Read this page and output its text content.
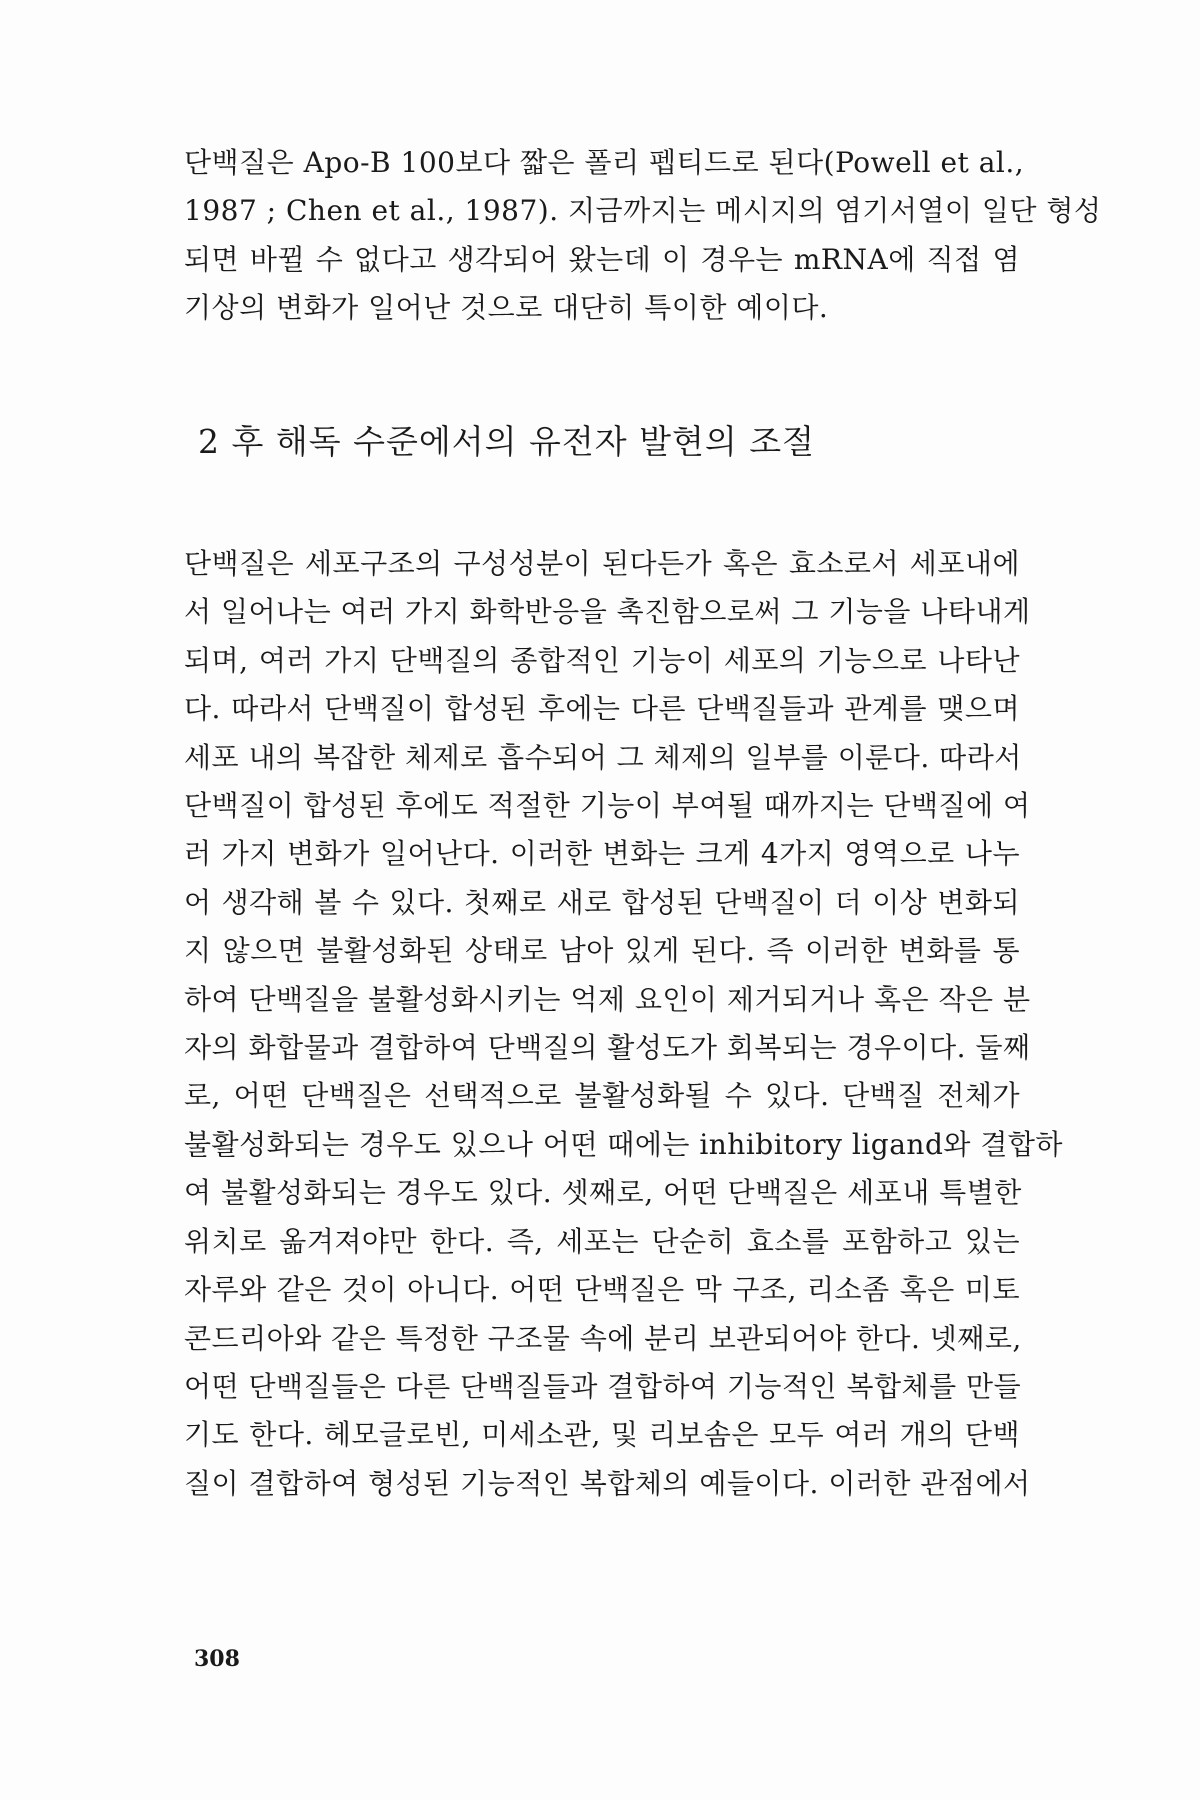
단백질은 Apo-B 100보다 짧은 폴리 펩티드로 된다(Powell et al.,
1987 ; Chen et al., 1987). 지금까지는 메시지의 염기서열이 일단 형성
되면 바뀔 수 없다고 생각되어 왔는데 이 경우는 mRNA에 직접 염
기상의 변화가 일어난 것으로 대단히 특이한 예이다.
2 후 해독 수준에서의 유전자 발현의 조절
단백질은 세포구조의 구성성분이 된다든가 혹은 효소로서 세포내에
서 일어나는 여러 가지 화학반응을 촉진함으로써 그 기능을 나타내게
되며, 여러 가지 단백질의 종합적인 기능이 세포의 기능으로 나타난
다. 따라서 단백질이 합성된 후에는 다른 단백질들과 관계를 맺으며
세포 내의 복잡한 체제로 흡수되어 그 체제의 일부를 이룬다. 따라서
단백질이 합성된 후에도 적절한 기능이 부여될 때까지는 단백질에 여
러 가지 변화가 일어난다. 이러한 변화는 크게 4가지 영역으로 나누
어 생각해 볼 수 있다. 첫째로 새로 합성된 단백질이 더 이상 변화되
지 않으면 불활성화된 상태로 남아 있게 된다. 즉 이러한 변화를 통
하여 단백질을 불활성화시키는 억제 요인이 제거되거나 혹은 작은 분
자의 화합물과 결합하여 단백질의 활성도가 회복되는 경우이다. 둘째
로, 어떤 단백질은 선택적으로 불활성화될 수 있다. 단백질 전체가
불활성화되는 경우도 있으나 어떤 때에는 inhibitory ligand와 결합하
여 불활성화되는 경우도 있다. 셋째로, 어떤 단백질은 세포내 특별한
위치로 옮겨져야만 한다. 즉, 세포는 단순히 효소를 포함하고 있는
자루와 같은 것이 아니다. 어떤 단백질은 막 구조, 리소좀 혹은 미토
콘드리아와 같은 특정한 구조물 속에 분리 보관되어야 한다. 넷째로,
어떤 단백질들은 다른 단백질들과 결합하여 기능적인 복합체를 만들
기도 한다. 헤모글로빈, 미세소관, 및 리보솜은 모두 여러 개의 단백
질이 결합하여 형성된 기능적인 복합체의 예들이다. 이러한 관점에서
308
